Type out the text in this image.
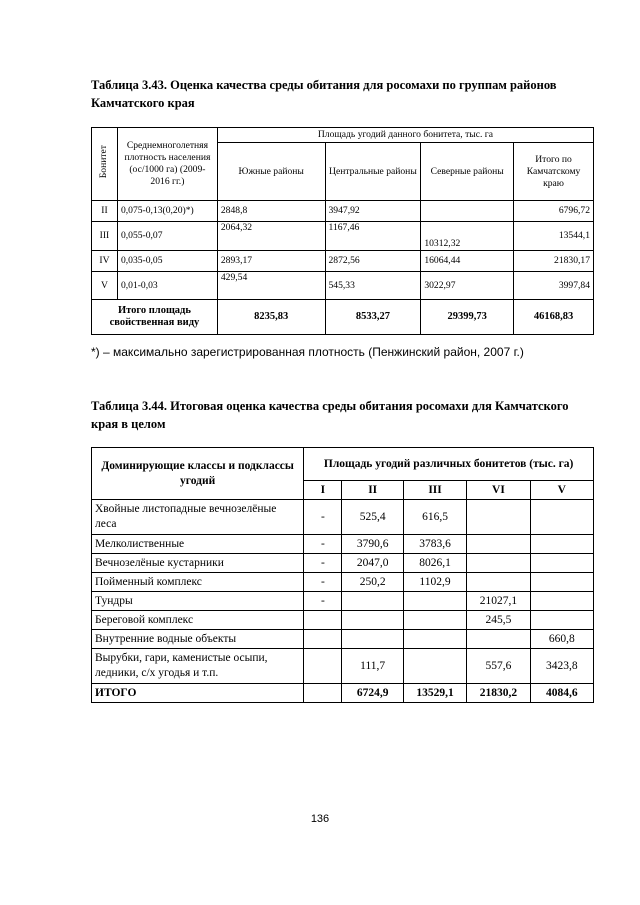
Таблица 3.43. Оценка качества среды обитания для росомахи по группам районов Камчатского края
Бонитет	Среднемноголетняя плотность населения (ос/1000 га) (2009-2016 гг.)	Площадь угодий данного бонитета, тыс. га			
		Южные районы	Центральные районы	Северные районы	Итого по Камчатскому краю
II	0,075-0,13(0,20)*)	2848,8	3947,92		6796,72
III	0,055-0,07	2064,32	1167,46	10312,32	13544,1
IV	0,035-0,05	2893,17	2872,56	16064,44	21830,17
V	0,01-0,03	429,54	545,33	3022,97	3997,84
Итого площадь свойственная виду		8235,83	8533,27	29399,73	46168,83
*) – максимально зарегистрированная плотность (Пенжинский район, 2007 г.)
Таблица 3.44. Итоговая оценка качества среды обитания росомахи для Камчатского края в целом
Доминирующие классы и подклассы угодий	Площадь угодий различных бонитетов (тыс. га)				
	I	II	III	VI	V
Хвойные листопадные вечнозелёные леса	-	525,4	616,5		
Мелколиственные	-	3790,6	3783,6		
Вечнозелёные кустарники	-	2047,0	8026,1		
Пойменный комплекс	-	250,2	1102,9		
Тундры	-			21027,1	
Береговой комплекс				245,5	
Внутренние водные объекты					660,8
Вырубки, гари, каменистые осыпи, ледники, с/х угодья и т.п.		111,7		557,6	3423,8
ИТОГО		6724,9	13529,1	21830,2	4084,6
136
